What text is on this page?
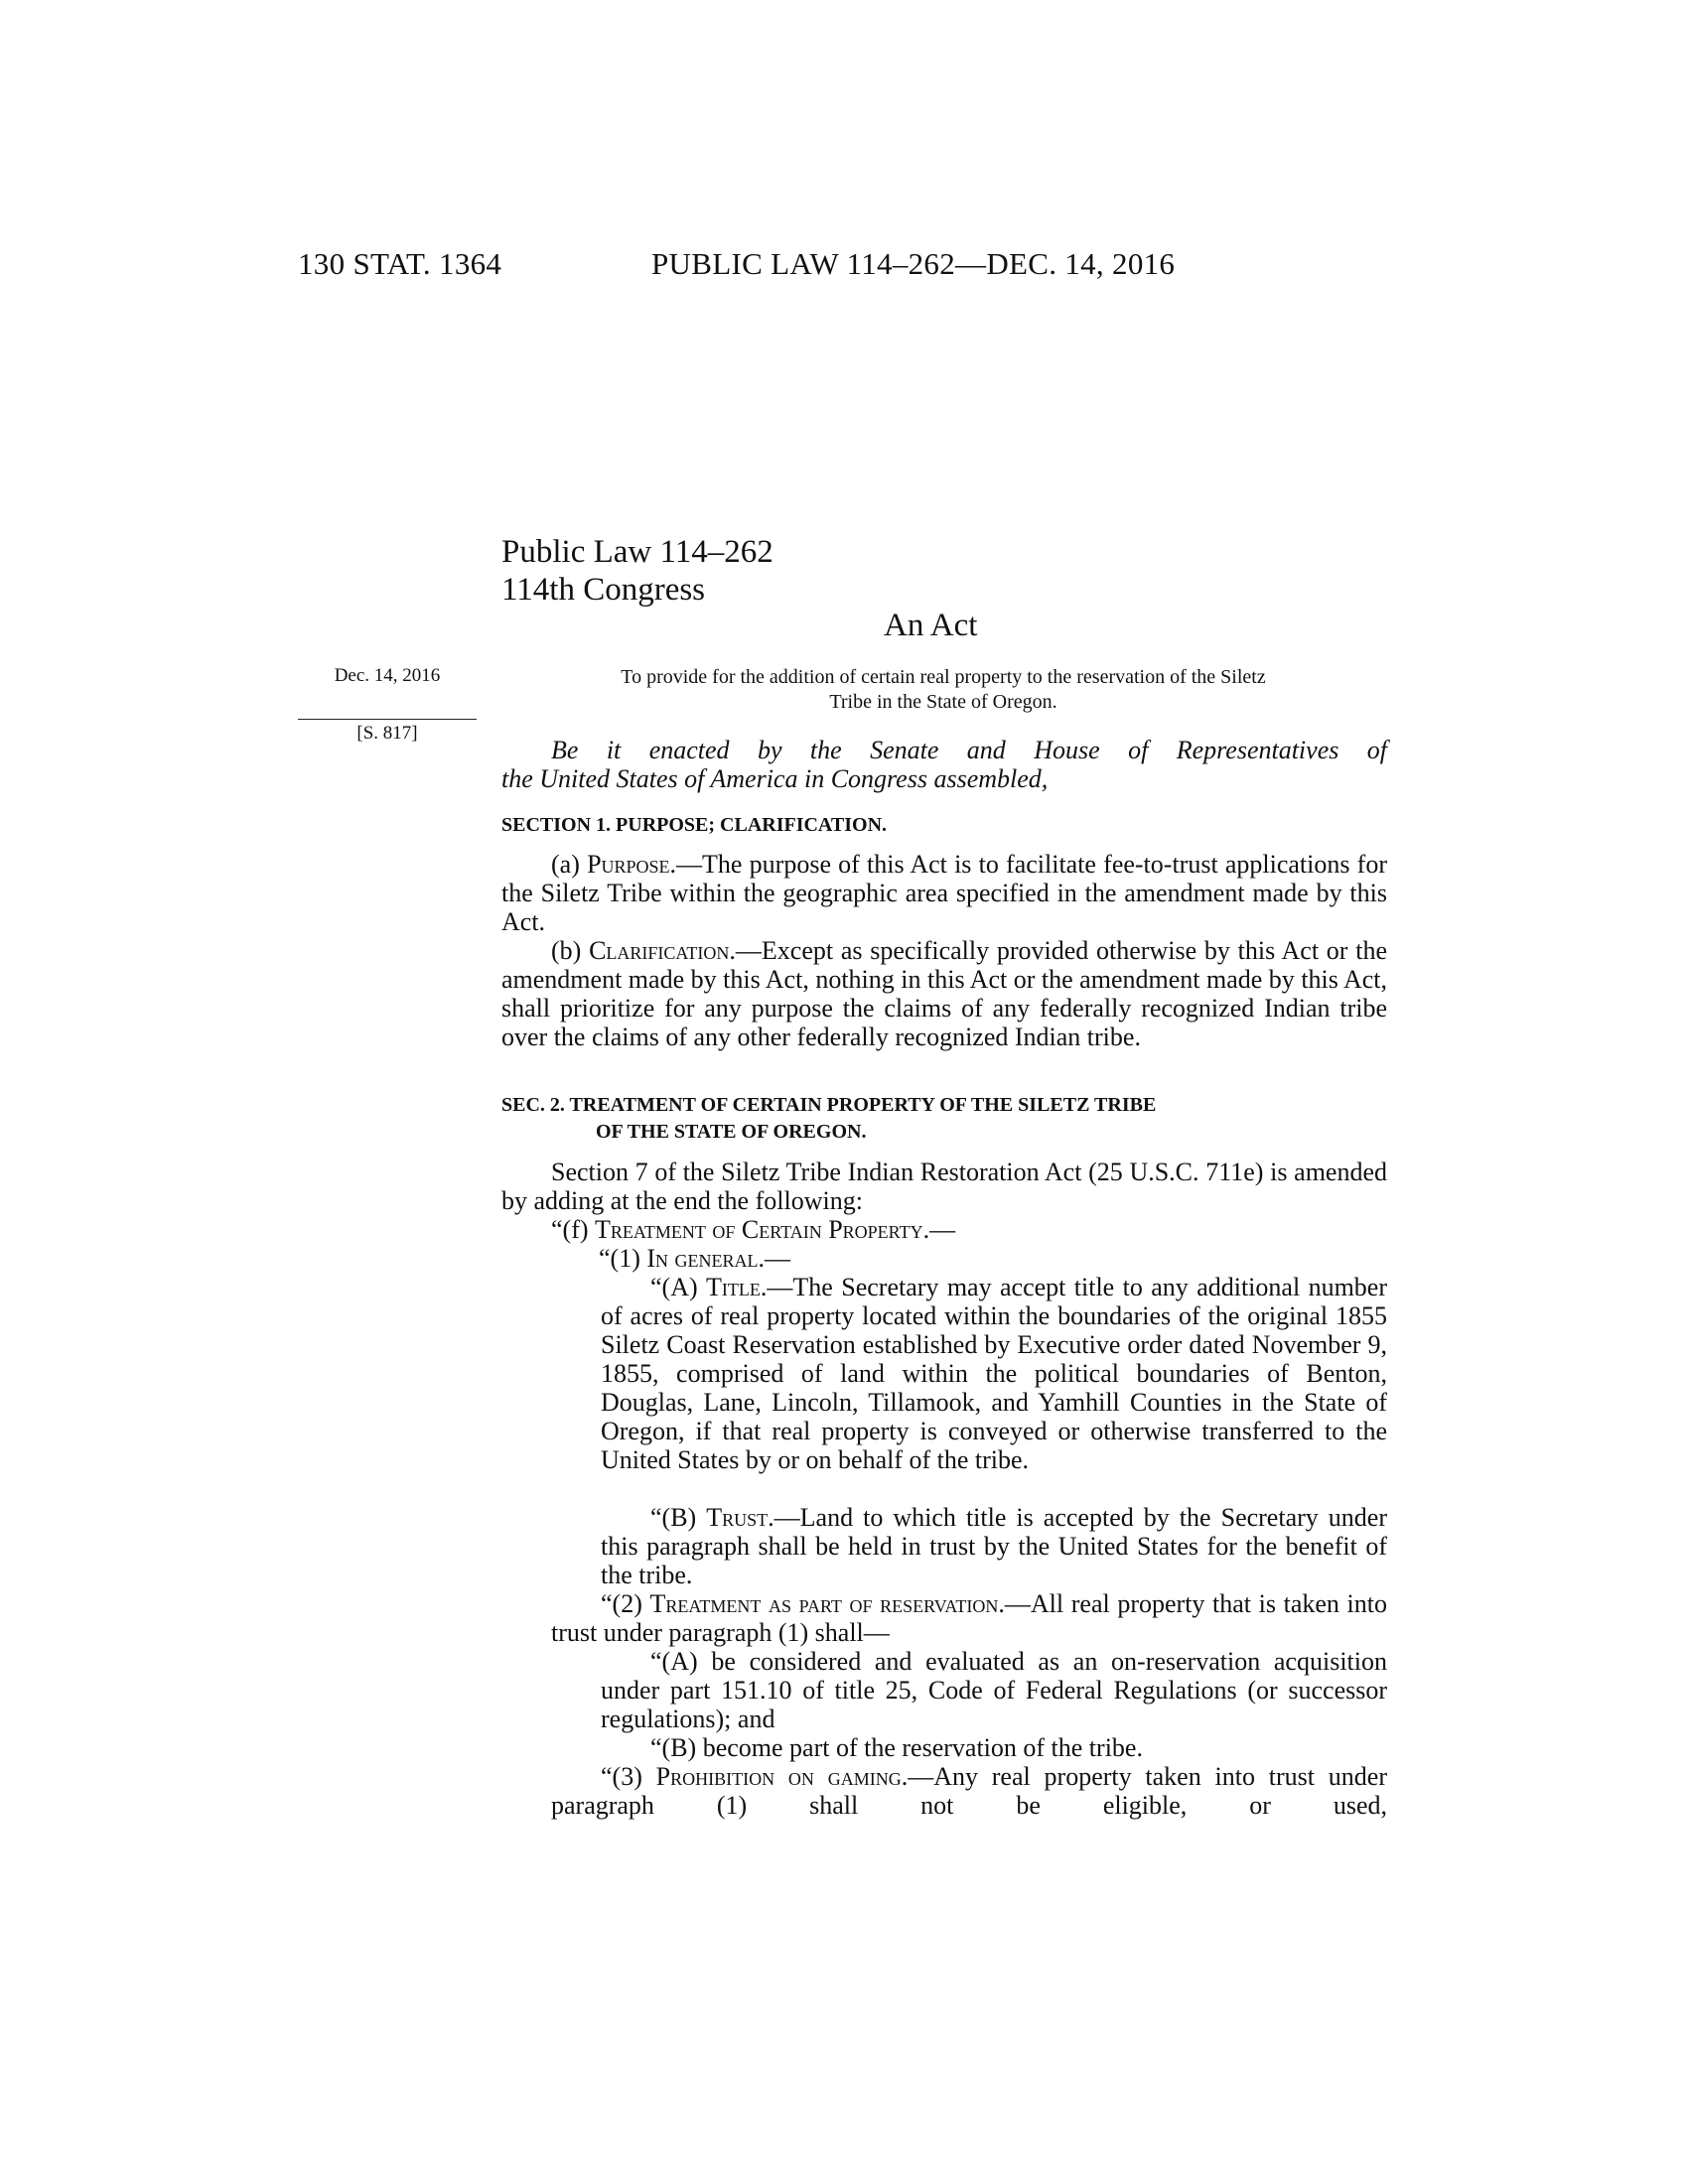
130 STAT. 1364	PUBLIC LAW 114–262—DEC. 14, 2016
Public Law 114–262
114th Congress
An Act
Dec. 14, 2016
[S. 817]
To provide for the addition of certain real property to the reservation of the Siletz
Tribe in the State of Oregon.
Be it enacted by the Senate and House of Representatives of
the United States of America in Congress assembled,
SECTION 1. PURPOSE; CLARIFICATION.
(a) Purpose.—The purpose of this Act is to facilitate fee-to-trust applications for the Siletz Tribe within the geographic area specified in the amendment made by this Act.
(b) Clarification.—Except as specifically provided otherwise by this Act or the amendment made by this Act, nothing in this Act or the amendment made by this Act, shall prioritize for any purpose the claims of any federally recognized Indian tribe over the claims of any other federally recognized Indian tribe.
SEC. 2. TREATMENT OF CERTAIN PROPERTY OF THE SILETZ TRIBE
OF THE STATE OF OREGON.
Section 7 of the Siletz Tribe Indian Restoration Act (25 U.S.C. 711e) is amended by adding at the end the following:
“(f) Treatment of Certain Property.—
“(1) In general.—
“(A) Title.—The Secretary may accept title to any additional number of acres of real property located within the boundaries of the original 1855 Siletz Coast Reservation established by Executive order dated November 9, 1855, comprised of land within the political boundaries of Benton, Douglas, Lane, Lincoln, Tillamook, and Yamhill Counties in the State of Oregon, if that real property is conveyed or otherwise transferred to the United States by or on behalf of the tribe.
“(B) Trust.—Land to which title is accepted by the Secretary under this paragraph shall be held in trust by the United States for the benefit of the tribe.
“(2) Treatment as part of reservation.—All real property that is taken into trust under paragraph (1) shall—
“(A) be considered and evaluated as an on-reservation acquisition under part 151.10 of title 25, Code of Federal Regulations (or successor regulations); and
“(B) become part of the reservation of the tribe.
“(3) Prohibition on gaming.—Any real property taken into trust under paragraph (1) shall not be eligible, or used,
